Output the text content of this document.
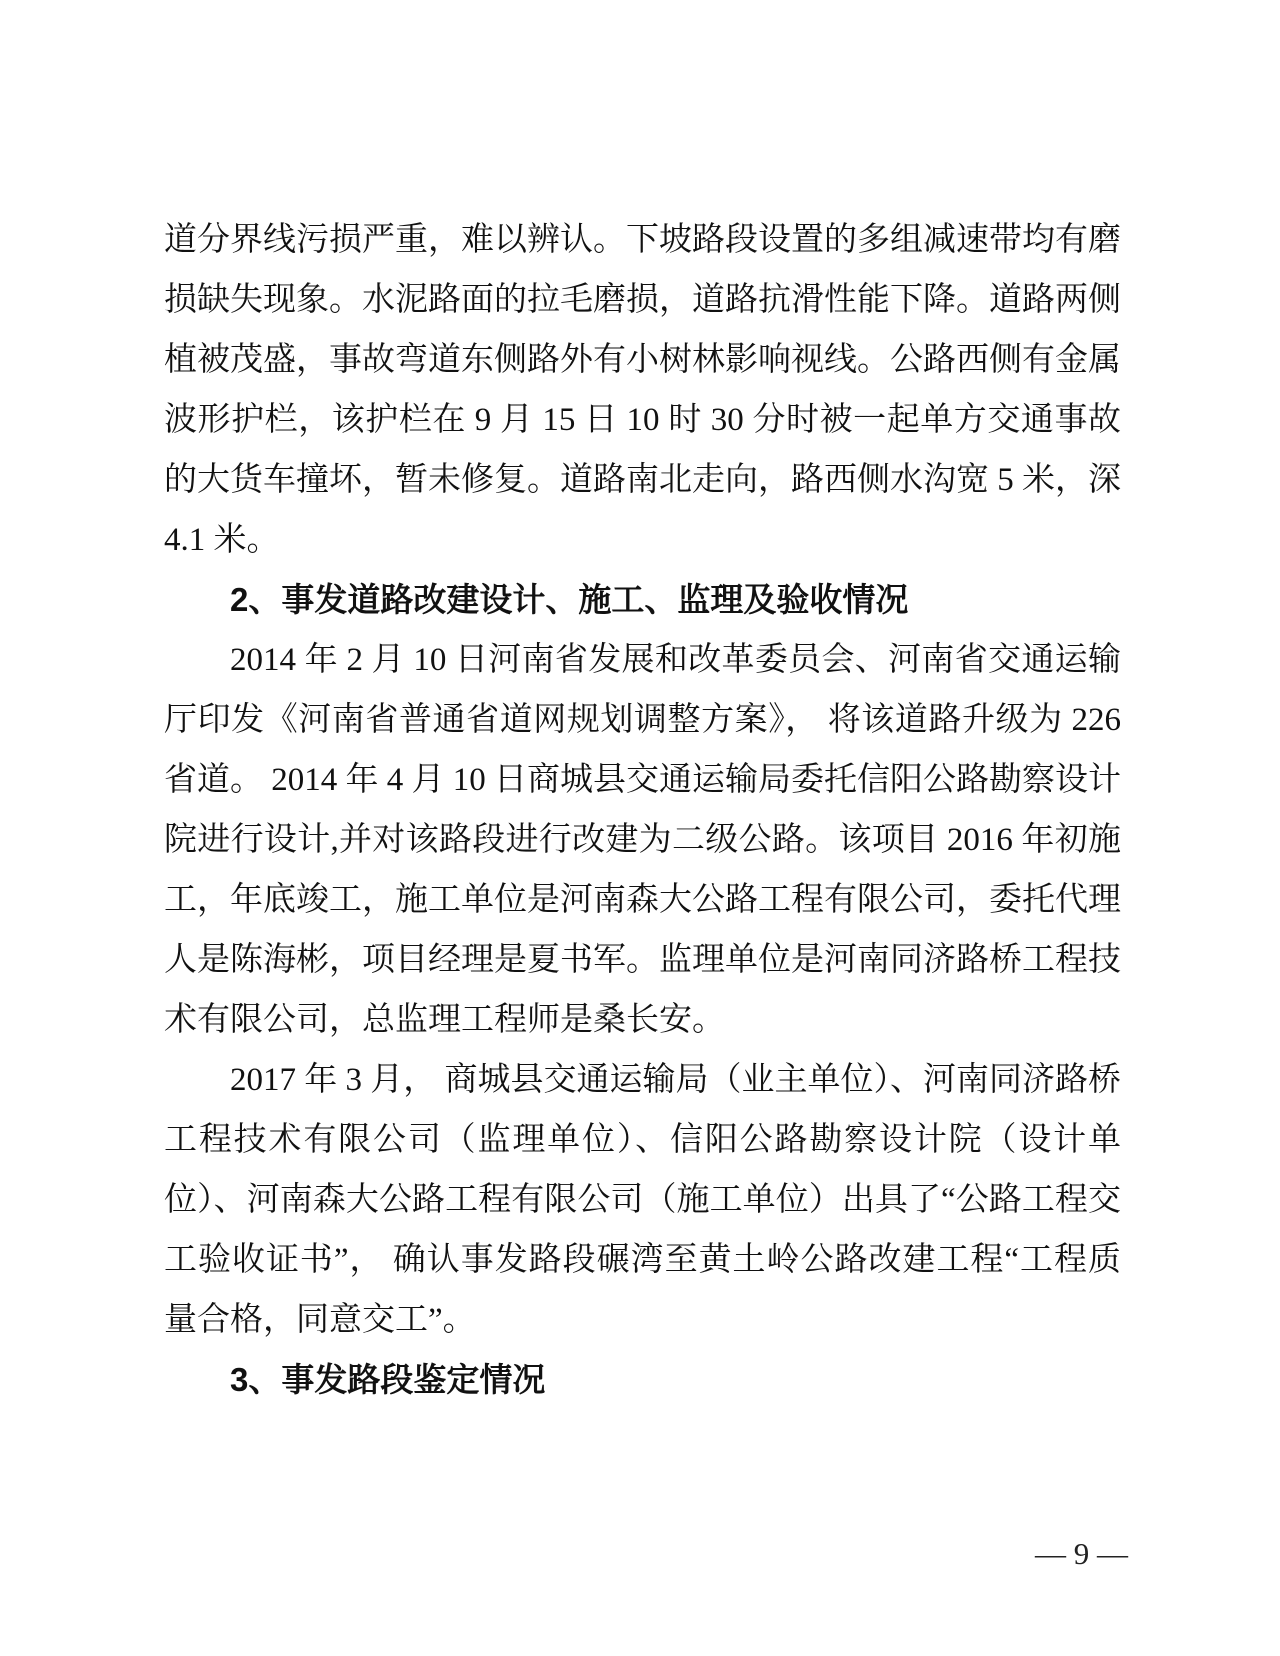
道分界线污损严重，难以辨认。下坡路段设置的多组减速带均有磨损缺失现象。水泥路面的拉毛磨损，道路抗滑性能下降。道路两侧植被茂盛，事故弯道东侧路外有小树林影响视线。公路西侧有金属波形护栏，该护栏在 9 月 15 日 10 时 30 分时被一起单方交通事故的大货车撞坏，暂未修复。道路南北走向，路西侧水沟宽 5 米，深 4.1 米。

2、事发道路改建设计、施工、监理及验收情况

2014 年 2 月 10 日河南省发展和改革委员会、河南省交通运输厅印发《河南省普通省道网规划调整方案》， 将该道路升级为 226 省道。 2014 年 4 月 10 日商城县交通运输局委托信阳公路勘察设计院进行设计,并对该路段进行改建为二级公路。该项目 2016 年初施工，年底竣工，施工单位是河南森大公路工程有限公司，委托代理人是陈海彬，项目经理是夏书军。监理单位是河南同济路桥工程技术有限公司，总监理工程师是桑长安。

2017 年 3 月， 商城县交通运输局（业主单位）、河南同济路桥工程技术有限公司（监理单位）、信阳公路勘察设计院（设计单位）、河南森大公路工程有限公司（施工单位）出具了“公路工程交工验收证书”， 确认事发路段碾湾至黄土岭公路改建工程“工程质量合格，同意交工”。

3、事发路段鉴定情况

— 9 —
